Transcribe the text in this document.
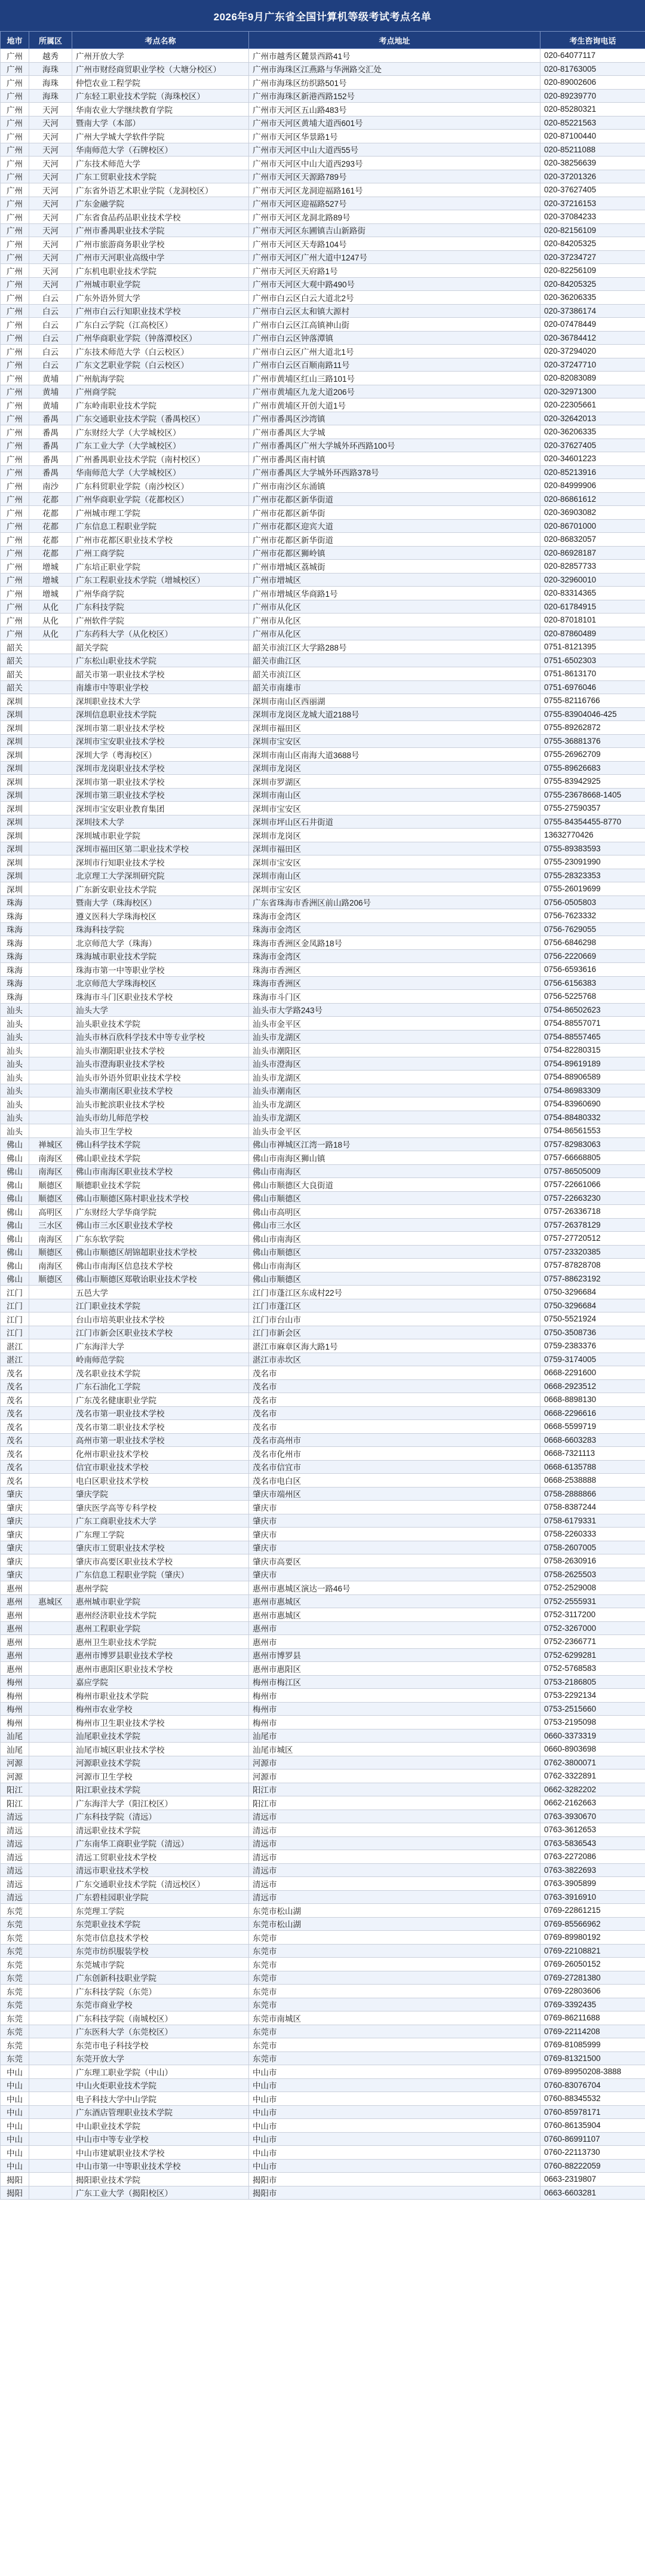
2026年9月广东省全国计算机等级考试考点名单
地市	所属区	考点名称	考点地址	考生咨询电话
广州	越秀	广州开放大学	广州市越秀区麓景西路41号	020-64077117
广州	海珠	广州市财经商贸职业学校（大塘分校区）	广州市海珠区江燕路与华洲路交汇处	020-81763005
广州	海珠	仲恺农业工程学院	广州市海珠区纺织路501号	020-89002606
广州	海珠	广东轻工职业技术学院（海珠校区）	广州市海珠区新港西路152号	020-89239770
广州	天河	华南农业大学继续教育学院	广州市天河区五山路483号	020-85280321
广州	天河	暨南大学（本部）	广州市天河区黄埔大道西601号	020-85221563
广州	天河	广州大学城大学软件学院	广州市天河区华景路1号	020-87100440
广州	天河	华南师范大学（石牌校区）	广州市天河区中山大道西55号	020-85211088
广州	天河	广东技术师范大学	广州市天河区中山大道西293号	020-38256639
广州	天河	广东工贸职业技术学院	广州市天河区天源路789号	020-37201326
广州	天河	广东省外语艺术职业学院（龙洞校区）	广州市天河区龙洞迎福路161号	020-37627405
广州	天河	广东金融学院	广州市天河区迎福路527号	020-37216153
广州	天河	广东省食品药品职业技术学校	广州市天河区龙洞北路89号	020-37084233
广州	天河	广州市番禺职业技术学院	广州市天河区东圃镇吉山新路街	020-82156109
广州	天河	广州市旅游商务职业学校	广州市天河区天寿路104号	020-84205325
广州	天河	广州市天河职业高级中学	广州市天河区广州大道中1247号	020-37234727
广州	天河	广东机电职业技术学院	广州市天河区天府路1号	020-82256109
广州	天河	广州城市职业学院	广州市天河区大观中路490号	020-84205325
广州	白云	广东外语外贸大学	广州市白云区白云大道北2号	020-36206335
广州	白云	广州市白云行知职业技术学校	广州市白云区太和镇大源村	020-37386174
广州	白云	广东白云学院（江高校区）	广州市白云区江高镇神山街	020-07478449
广州	白云	广州华商职业学院（钟落潭校区）	广州市白云区钟落潭镇	020-36784412
广州	白云	广东技术师范大学（白云校区）	广州市白云区广州大道北1号	020-37294020
广州	白云	广东文艺职业学院（白云校区）	广州市白云区百顺南路11号	020-37247710
广州	黄埔	广州航海学院	广州市黄埔区红山三路101号	020-82083089
广州	黄埔	广州商学院	广州市黄埔区九龙大道206号	020-32971300
广州	黄埔	广东岭南职业技术学院	广州市黄埔区开创大道1号	020-22305661
广州	番禺	广东交通职业技术学院（番禺校区）	广州市番禺区沙湾镇	020-32642013
广州	番禺	广东财经大学（大学城校区）	广州市番禺区大学城	020-36206335
广州	番禺	广东工业大学（大学城校区）	广州市番禺区广州大学城外环西路100号	020-37627405
广州	番禺	广州番禺职业技术学院（南村校区）	广州市番禺区南村镇	020-34601223
广州	番禺	华南师范大学（大学城校区）	广州市番禺区大学城外环西路378号	020-85213916
广州	南沙	广东科贸职业学院（南沙校区）	广州市南沙区东涌镇	020-84999906
广州	花都	广州华商职业学院（花都校区）	广州市花都区新华街道	020-86861612
广州	花都	广州城市理工学院	广州市花都区新华街	020-36903082
广州	花都	广东信息工程职业学院	广州市花都区迎宾大道	020-86701000
广州	花都	广州市花都区职业技术学校	广州市花都区新华街道	020-86832057
广州	花都	广州工商学院	广州市花都区狮岭镇	020-86928187
广州	增城	广东培正职业学院	广州市增城区荔城街	020-82857733
广州	增城	广东工程职业技术学院（增城校区）	广州市增城区	020-32960010
广州	增城	广州华商学院	广州市增城区华商路1号	020-83314365
广州	从化	广东科技学院	广州市从化区	020-61784915
广州	从化	广州软件学院	广州市从化区	020-87018101
广州	从化	广东药科大学（从化校区）	广州市从化区	020-87860489
韶关		韶关学院	韶关市浈江区大学路288号	0751-8121395
韶关		广东松山职业技术学院	韶关市曲江区	0751-6502303
韶关		韶关市第一职业技术学校	韶关市浈江区	0751-8613170
韶关		南雄市中等职业学校	韶关市南雄市	0751-6976046
深圳		深圳职业技术大学	深圳市南山区西丽湖	0755-82116766
深圳		深圳信息职业技术学院	深圳市龙岗区龙城大道2188号	0755-83904046-425
深圳		深圳市第二职业技术学校	深圳市福田区	0755-89262872
深圳		深圳市宝安职业技术学校	深圳市宝安区	0755-36881376
深圳		深圳大学（粤海校区）	深圳市南山区南海大道3688号	0755-26962709
深圳		深圳市龙岗职业技术学校	深圳市龙岗区	0755-89626683
深圳		深圳市第一职业技术学校	深圳市罗湖区	0755-83942925
深圳		深圳市第三职业技术学校	深圳市南山区	0755-23678668-1405
深圳		深圳市宝安职业教育集团	深圳市宝安区	0755-27590357
深圳		深圳技术大学	深圳市坪山区石井街道	0755-84354455-8770
深圳		深圳城市职业学院	深圳市龙岗区	13632770426
深圳		深圳市福田区第二职业技术学校	深圳市福田区	0755-89383593
深圳		深圳市行知职业技术学校	深圳市宝安区	0755-23091990
深圳		北京理工大学深圳研究院	深圳市南山区	0755-28323353
深圳		广东新安职业技术学院	深圳市宝安区	0755-26019699
珠海		暨南大学（珠海校区）	广东省珠海市香洲区前山路206号	0756-0505803
珠海		遵义医科大学珠海校区	珠海市金湾区	0756-7623332
珠海		珠海科技学院	珠海市金湾区	0756-7629055
珠海		北京师范大学（珠海）	珠海市香洲区金凤路18号	0756-6846298
珠海		珠海城市职业技术学院	珠海市金湾区	0756-2220669
珠海		珠海市第一中等职业学校	珠海市香洲区	0756-6593616
珠海		北京师范大学珠海校区	珠海市香洲区	0756-6156383
珠海		珠海市斗门区职业技术学校	珠海市斗门区	0756-5225768
汕头		汕头大学	汕头市大学路243号	0754-86502623
汕头		汕头职业技术学院	汕头市金平区	0754-88557071
汕头		汕头市林百欣科学技术中等专业学校	汕头市龙湖区	0754-88557465
汕头		汕头市潮阳职业技术学校	汕头市潮阳区	0754-82280315
汕头		汕头市澄海职业技术学校	汕头市澄海区	0754-89619189
汕头		汕头市外语外贸职业技术学校	汕头市龙湖区	0754-88906589
汕头		汕头市潮南区职业技术学校	汕头市潮南区	0754-86983309
汕头		汕头市鮀滨职业技术学校	汕头市龙湖区	0754-83960690
汕头		汕头市幼儿师范学校	汕头市龙湖区	0754-88480332
汕头		汕头市卫生学校	汕头市金平区	0754-86561553
佛山	禅城区	佛山科学技术学院	佛山市禅城区江湾一路18号	0757-82983063
佛山	南海区	佛山职业技术学院	佛山市南海区狮山镇	0757-66668805
佛山	南海区	佛山市南海区职业技术学校	佛山市南海区	0757-86505009
佛山	顺德区	顺德职业技术学院	佛山市顺德区大良街道	0757-22661066
佛山	顺德区	佛山市顺德区陈村职业技术学校	佛山市顺德区	0757-22663230
佛山	高明区	广东财经大学华商学院	佛山市高明区	0757-26336718
佛山	三水区	佛山市三水区职业技术学校	佛山市三水区	0757-26378129
佛山	南海区	广东东软学院	佛山市南海区	0757-27720512
佛山	顺德区	佛山市顺德区胡锦超职业技术学校	佛山市顺德区	0757-23320385
佛山	南海区	佛山市南海区信息技术学校	佛山市南海区	0757-87828708
佛山	顺德区	佛山市顺德区郑敬诒职业技术学校	佛山市顺德区	0757-88623192
江门		五邑大学	江门市蓬江区东成村22号	0750-3296684
江门		江门职业技术学院	江门市蓬江区	0750-3296684
江门		台山市培英职业技术学校	江门市台山市	0750-5521924
江门		江门市新会区职业技术学校	江门市新会区	0750-3508736
湛江		广东海洋大学	湛江市麻章区海大路1号	0759-2383376
湛江		岭南师范学院	湛江市赤坎区	0759-3174005
茂名		茂名职业技术学院	茂名市	0668-2291600
茂名		广东石油化工学院	茂名市	0668-2923512
茂名		广东茂名健康职业学院	茂名市	0668-8898130
茂名		茂名市第一职业技术学校	茂名市	0668-2296616
茂名		茂名市第二职业技术学校	茂名市	0668-5599719
茂名		高州市第一职业技术学校	茂名市高州市	0668-6603283
茂名		化州市职业技术学校	茂名市化州市	0668-7321113
茂名		信宜市职业技术学校	茂名市信宜市	0668-6135788
茂名		电白区职业技术学校	茂名市电白区	0668-2538888
肇庆		肇庆学院	肇庆市端州区	0758-2888866
肇庆		肇庆医学高等专科学校	肇庆市	0758-8387244
肇庆		广东工商职业技术大学	肇庆市	0758-6179331
肇庆		广东理工学院	肇庆市	0758-2260333
肇庆		肇庆市工贸职业技术学校	肇庆市	0758-2607005
肇庆		肇庆市高要区职业技术学校	肇庆市高要区	0758-2630916
肇庆		广东信息工程职业学院（肇庆）	肇庆市	0758-2625503
惠州		惠州学院	惠州市惠城区演达一路46号	0752-2529008
惠州	惠城区	惠州城市职业学院	惠州市惠城区	0752-2555931
惠州		惠州经济职业技术学院	惠州市惠城区	0752-3117200
惠州		惠州工程职业学院	惠州市	0752-3267000
惠州		惠州卫生职业技术学院	惠州市	0752-2366771
惠州		惠州市博罗县职业技术学校	惠州市博罗县	0752-6299281
惠州		惠州市惠阳区职业技术学校	惠州市惠阳区	0752-5768583
梅州		嘉应学院	梅州市梅江区	0753-2186805
梅州		梅州市职业技术学院	梅州市	0753-2292134
梅州		梅州市农业学校	梅州市	0753-2515660
梅州		梅州市卫生职业技术学校	梅州市	0753-2195098
汕尾		汕尾职业技术学院	汕尾市	0660-3373319
汕尾		汕尾市城区职业技术学校	汕尾市城区	0660-8903698
河源		河源职业技术学院	河源市	0762-3800071
河源		河源市卫生学校	河源市	0762-3322891
阳江		阳江职业技术学院	阳江市	0662-3282202
阳江		广东海洋大学（阳江校区）	阳江市	0662-2162663
清远		广东科技学院（清远）	清远市	0763-3930670
清远		清远职业技术学院	清远市	0763-3612653
清远		广东南华工商职业学院（清远）	清远市	0763-5836543
清远		清远工贸职业技术学校	清远市	0763-2272086
清远		清远市职业技术学校	清远市	0763-3822693
清远		广东交通职业技术学院（清远校区）	清远市	0763-3905899
清远		广东碧桂园职业学院	清远市	0763-3916910
东莞		东莞理工学院	东莞市松山湖	0769-22861215
东莞		东莞职业技术学院	东莞市松山湖	0769-85566962
东莞		东莞市信息技术学校	东莞市	0769-89980192
东莞		东莞市纺织服装学校	东莞市	0769-22108821
东莞		东莞城市学院	东莞市	0769-26050152
东莞		广东创新科技职业学院	东莞市	0769-27281380
东莞		广东科技学院（东莞）	东莞市	0769-22803606
东莞		东莞市商业学校	东莞市	0769-3392435
东莞		广东科技学院（南城校区）	东莞市南城区	0769-86211688
东莞		广东医科大学（东莞校区）	东莞市	0769-22114208
东莞		东莞市电子科技学校	东莞市	0769-81085999
东莞		东莞开放大学	东莞市	0769-81321500
中山		广东理工职业学院（中山）	中山市	0769-89950208-3888
中山		中山火炬职业技术学院	中山市	0760-83076704
中山		电子科技大学中山学院	中山市	0760-88345532
中山		广东酒店管理职业技术学院	中山市	0760-85978171
中山		中山职业技术学院	中山市	0760-86135904
中山		中山市中等专业学校	中山市	0760-86991107
中山		中山市建斌职业技术学校	中山市	0760-22113730
中山		中山市第一中等职业技术学校	中山市	0760-88222059
揭阳		揭阳职业技术学院	揭阳市	0663-2319807
揭阳		广东工业大学（揭阳校区）	揭阳市	0663-6603281
